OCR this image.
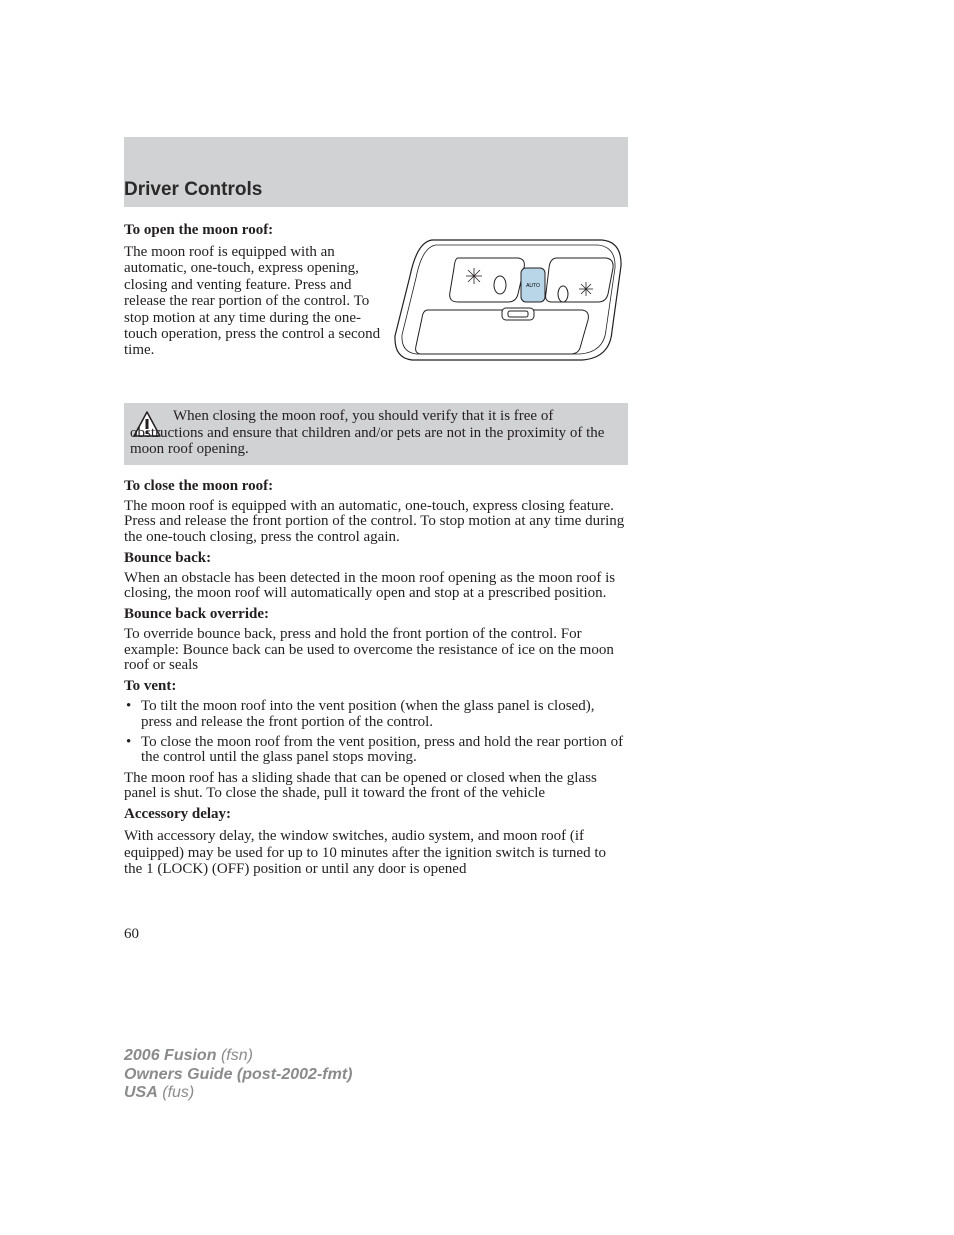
Driver Controls
To open the moon roof:
The moon roof is equipped with an automatic, one-touch, express opening, closing and venting feature. Press and release the rear portion of the control. To stop motion at any time during the one-touch operation, press the control a second time.
AUTO
When closing the moon roof, you should verify that it is free of obstructions and ensure that children and/or pets are not in the proximity of the moon roof opening.
To close the moon roof:
The moon roof is equipped with an automatic, one-touch, express closing feature. Press and release the front portion of the control. To stop motion at any time during the one-touch closing, press the control again.
Bounce back:
When an obstacle has been detected in the moon roof opening as the moon roof is closing, the moon roof will automatically open and stop at a prescribed position.
Bounce back override:
To override bounce back, press and hold the front portion of the control. For example: Bounce back can be used to overcome the resistance of ice on the moon roof or seals
To vent:
• To tilt the moon roof into the vent position (when the glass panel is closed), press and release the front portion of the control.
• To close the moon roof from the vent position, press and hold the rear portion of the control until the glass panel stops moving.
The moon roof has a sliding shade that can be opened or closed when the glass panel is shut. To close the shade, pull it toward the front of the vehicle
Accessory delay:
With accessory delay, the window switches, audio system, and moon roof (if equipped) may be used for up to 10 minutes after the ignition switch is turned to the 1 (LOCK) (OFF) position or until any door is opened
60
2006 Fusion (fsn)
Owners Guide (post-2002-fmt)
USA (fus)
